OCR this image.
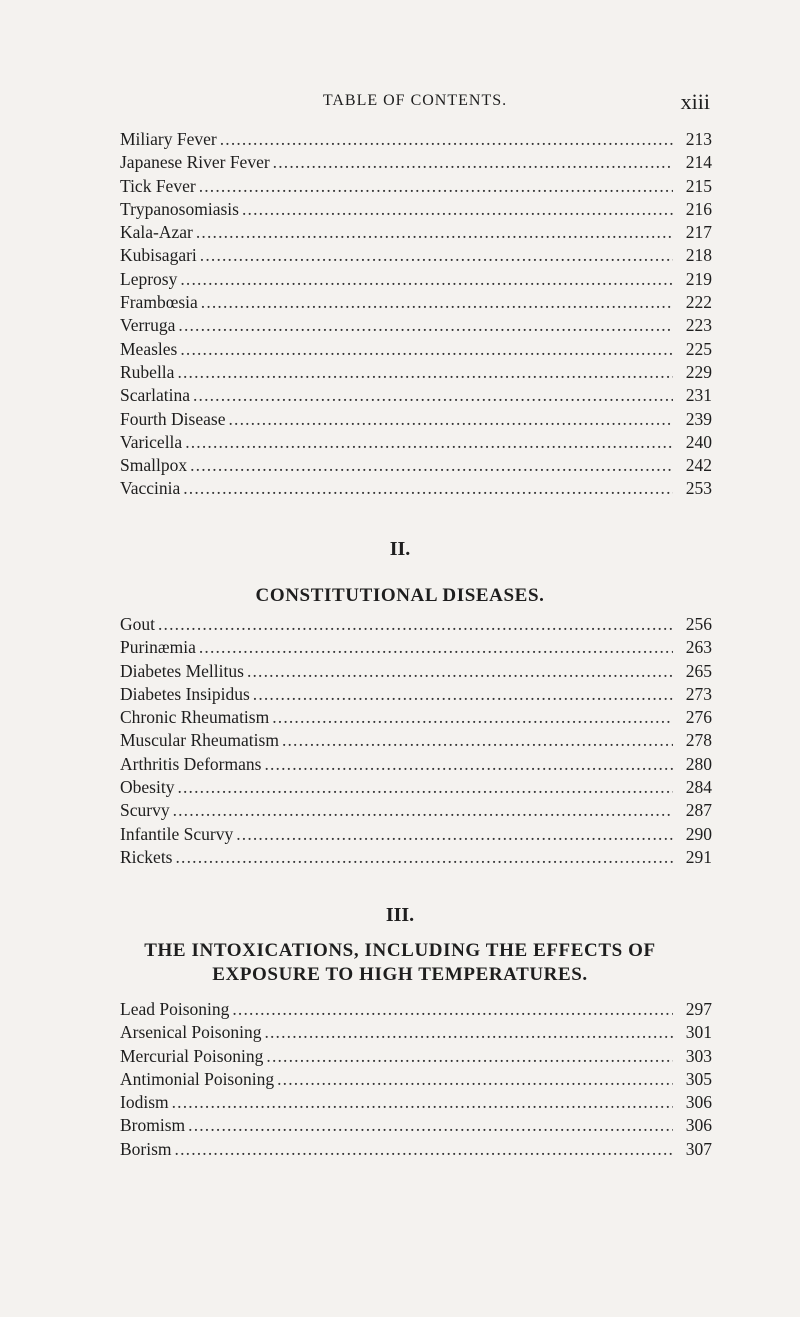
TABLE OF CONTENTS.	xiii
Miliary Fever . . .	213
Japanese River Fever . . .	214
Tick Fever . . .	215
Trypanosomiasis . . .	216
Kala-Azar . . .	217
Kubisagari . . .	218
Leprosy . . .	219
Frambœsia . . .	222
Verruga . . .	223
Measles . . .	225
Rubella . . .	229
Scarlatina . . .	231
Fourth Disease . . .	239
Varicella . . .	240
Smallpox . . .	242
Vaccinia . . .	253
II.
CONSTITUTIONAL DISEASES.
Gout . . .	256
Purinæmia . . .	263
Diabetes Mellitus . . .	265
Diabetes Insipidus . . .	273
Chronic Rheumatism . . .	276
Muscular Rheumatism . . .	278
Arthritis Deformans . . .	280
Obesity . . .	284
Scurvy . . .	287
Infantile Scurvy . . .	290
Rickets . . .	291
III.
THE INTOXICATIONS, INCLUDING THE EFFECTS OF
EXPOSURE TO HIGH TEMPERATURES.
Lead Poisoning . . .	297
Arsenical Poisoning . . .	301
Mercurial Poisoning . . .	303
Antimonial Poisoning . . .	305
Iodism . . .	306
Bromism . . .	306
Borism . . .	307
